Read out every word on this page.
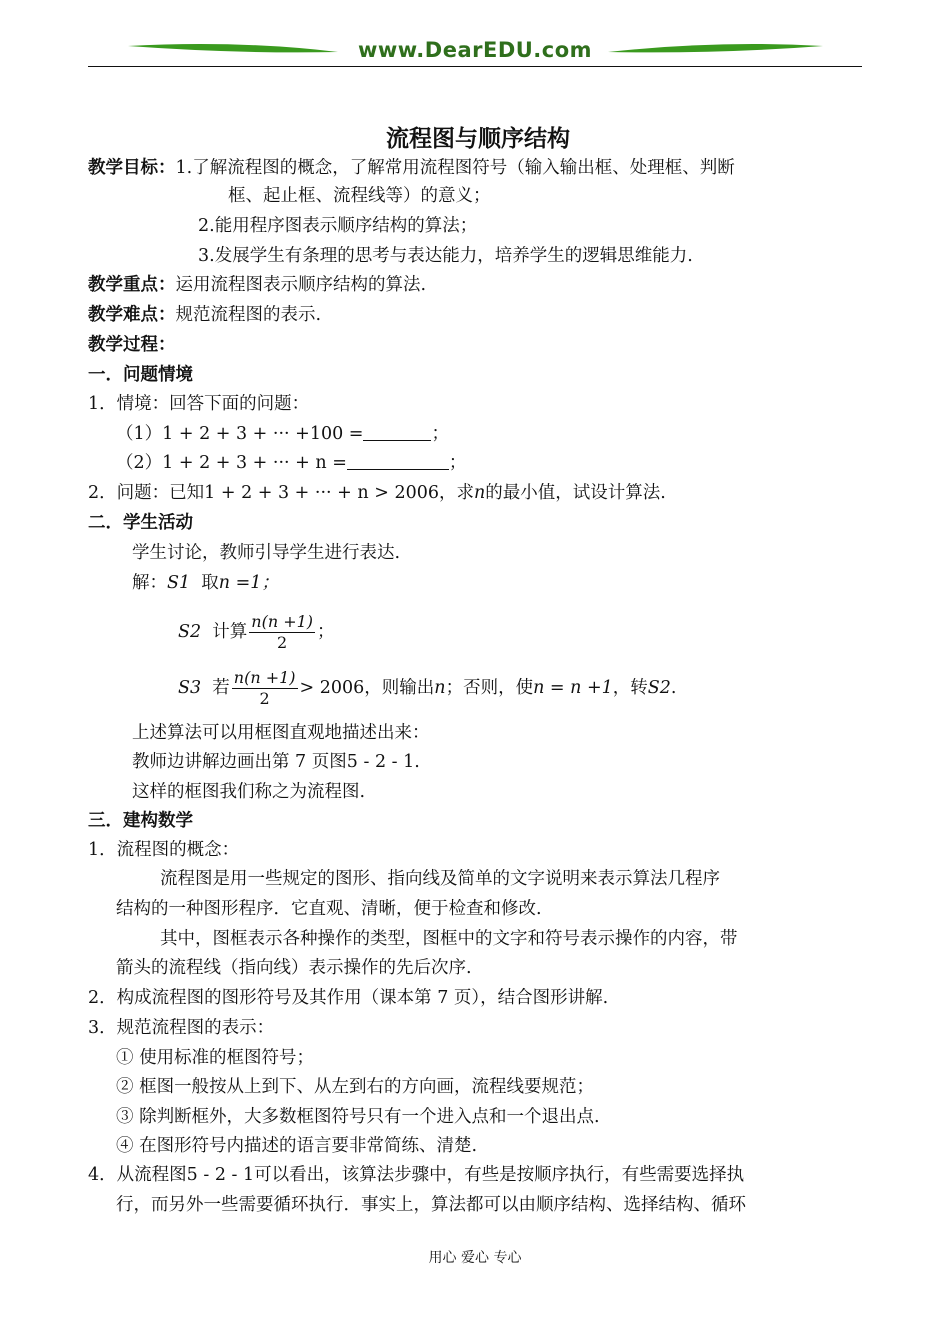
www.DearEDU.com
流程图与顺序结构
教学目标：1.了解流程图的概念，了解常用流程图符号（输入输出框、处理框、判断
框、起止框、流程线等）的意义；
2.能用程序图表示顺序结构的算法；
3.发展学生有条理的思考与表达能力，培养学生的逻辑思维能力.
教学重点：运用流程图表示顺序结构的算法.
教学难点：规范流程图的表示.
教学过程：
一．问题情境
1．情境：回答下面的问题：
（1）1 + 2 + 3 + ··· +100 =	；
（2）1 + 2 + 3 + ··· + n =	；
2．问题：已知1 + 2 + 3 + ··· + n > 2006，求n的最小值，试设计算法.
二．学生活动
学生讨论，教师引导学生进行表达.
解：S1 取n =1；
S2 计算 $\frac{n(n +1)}{2}$ ；
S3 若 $\frac{n(n +1)}{2} > 2006$，则输出n；否则，使n = n +1，转S2.
上述算法可以用框图直观地描述出来：
教师边讲解边画出第 7 页图5 - 2 - 1.
这样的框图我们称之为流程图.
三．建构数学
1．流程图的概念：
流程图是用一些规定的图形、指向线及简单的文字说明来表示算法几程序
结构的一种图形程序．它直观、清晰，便于检查和修改.
其中，图框表示各种操作的类型，图框中的文字和符号表示操作的内容，带
箭头的流程线（指向线）表示操作的先后次序.
2．构成流程图的图形符号及其作用（课本第 7 页），结合图形讲解.
3．规范流程图的表示：
① 使用标准的框图符号；
② 框图一般按从上到下、从左到右的方向画，流程线要规范；
③ 除判断框外，大多数框图符号只有一个进入点和一个退出点.
④ 在图形符号内描述的语言要非常简练、清楚.
4．从流程图5 - 2 - 1可以看出，该算法步骤中，有些是按顺序执行，有些需要选择执
行，而另外一些需要循环执行．事实上，算法都可以由顺序结构、选择结构、循环
用心 爱心 专心
